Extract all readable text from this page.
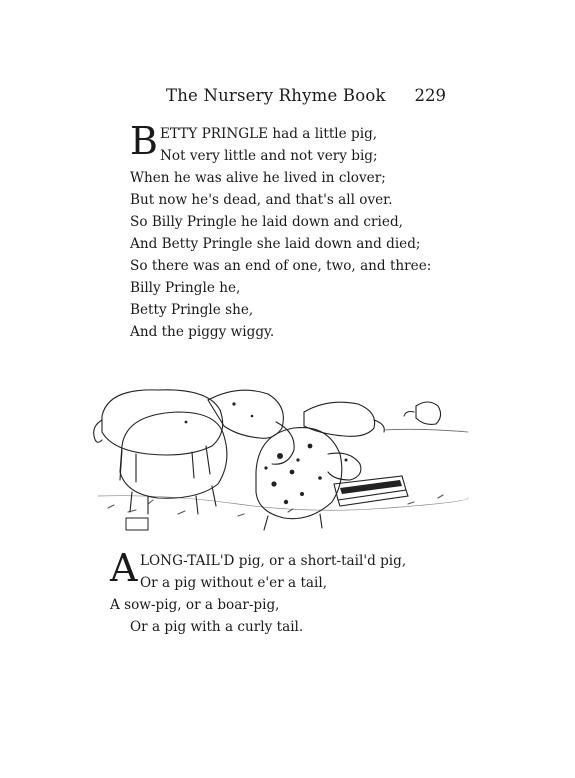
The Nursery Rhyme Book 229
B ETTY PRINGLE had a little pig,
Not very little and not very big;
When he was alive he lived in clover;
But now he's dead, and that's all over.
So Billy Pringle he laid down and cried,
And Betty Pringle she laid down and died;
So there was an end of one, two, and three:
Billy Pringle he,
Betty Pringle she,
And the piggy wiggy.
A LONG-TAIL'D pig, or a short-tail'd pig,
Or a pig without e'er a tail,
A sow-pig, or a boar-pig,
Or a pig with a curly tail.
